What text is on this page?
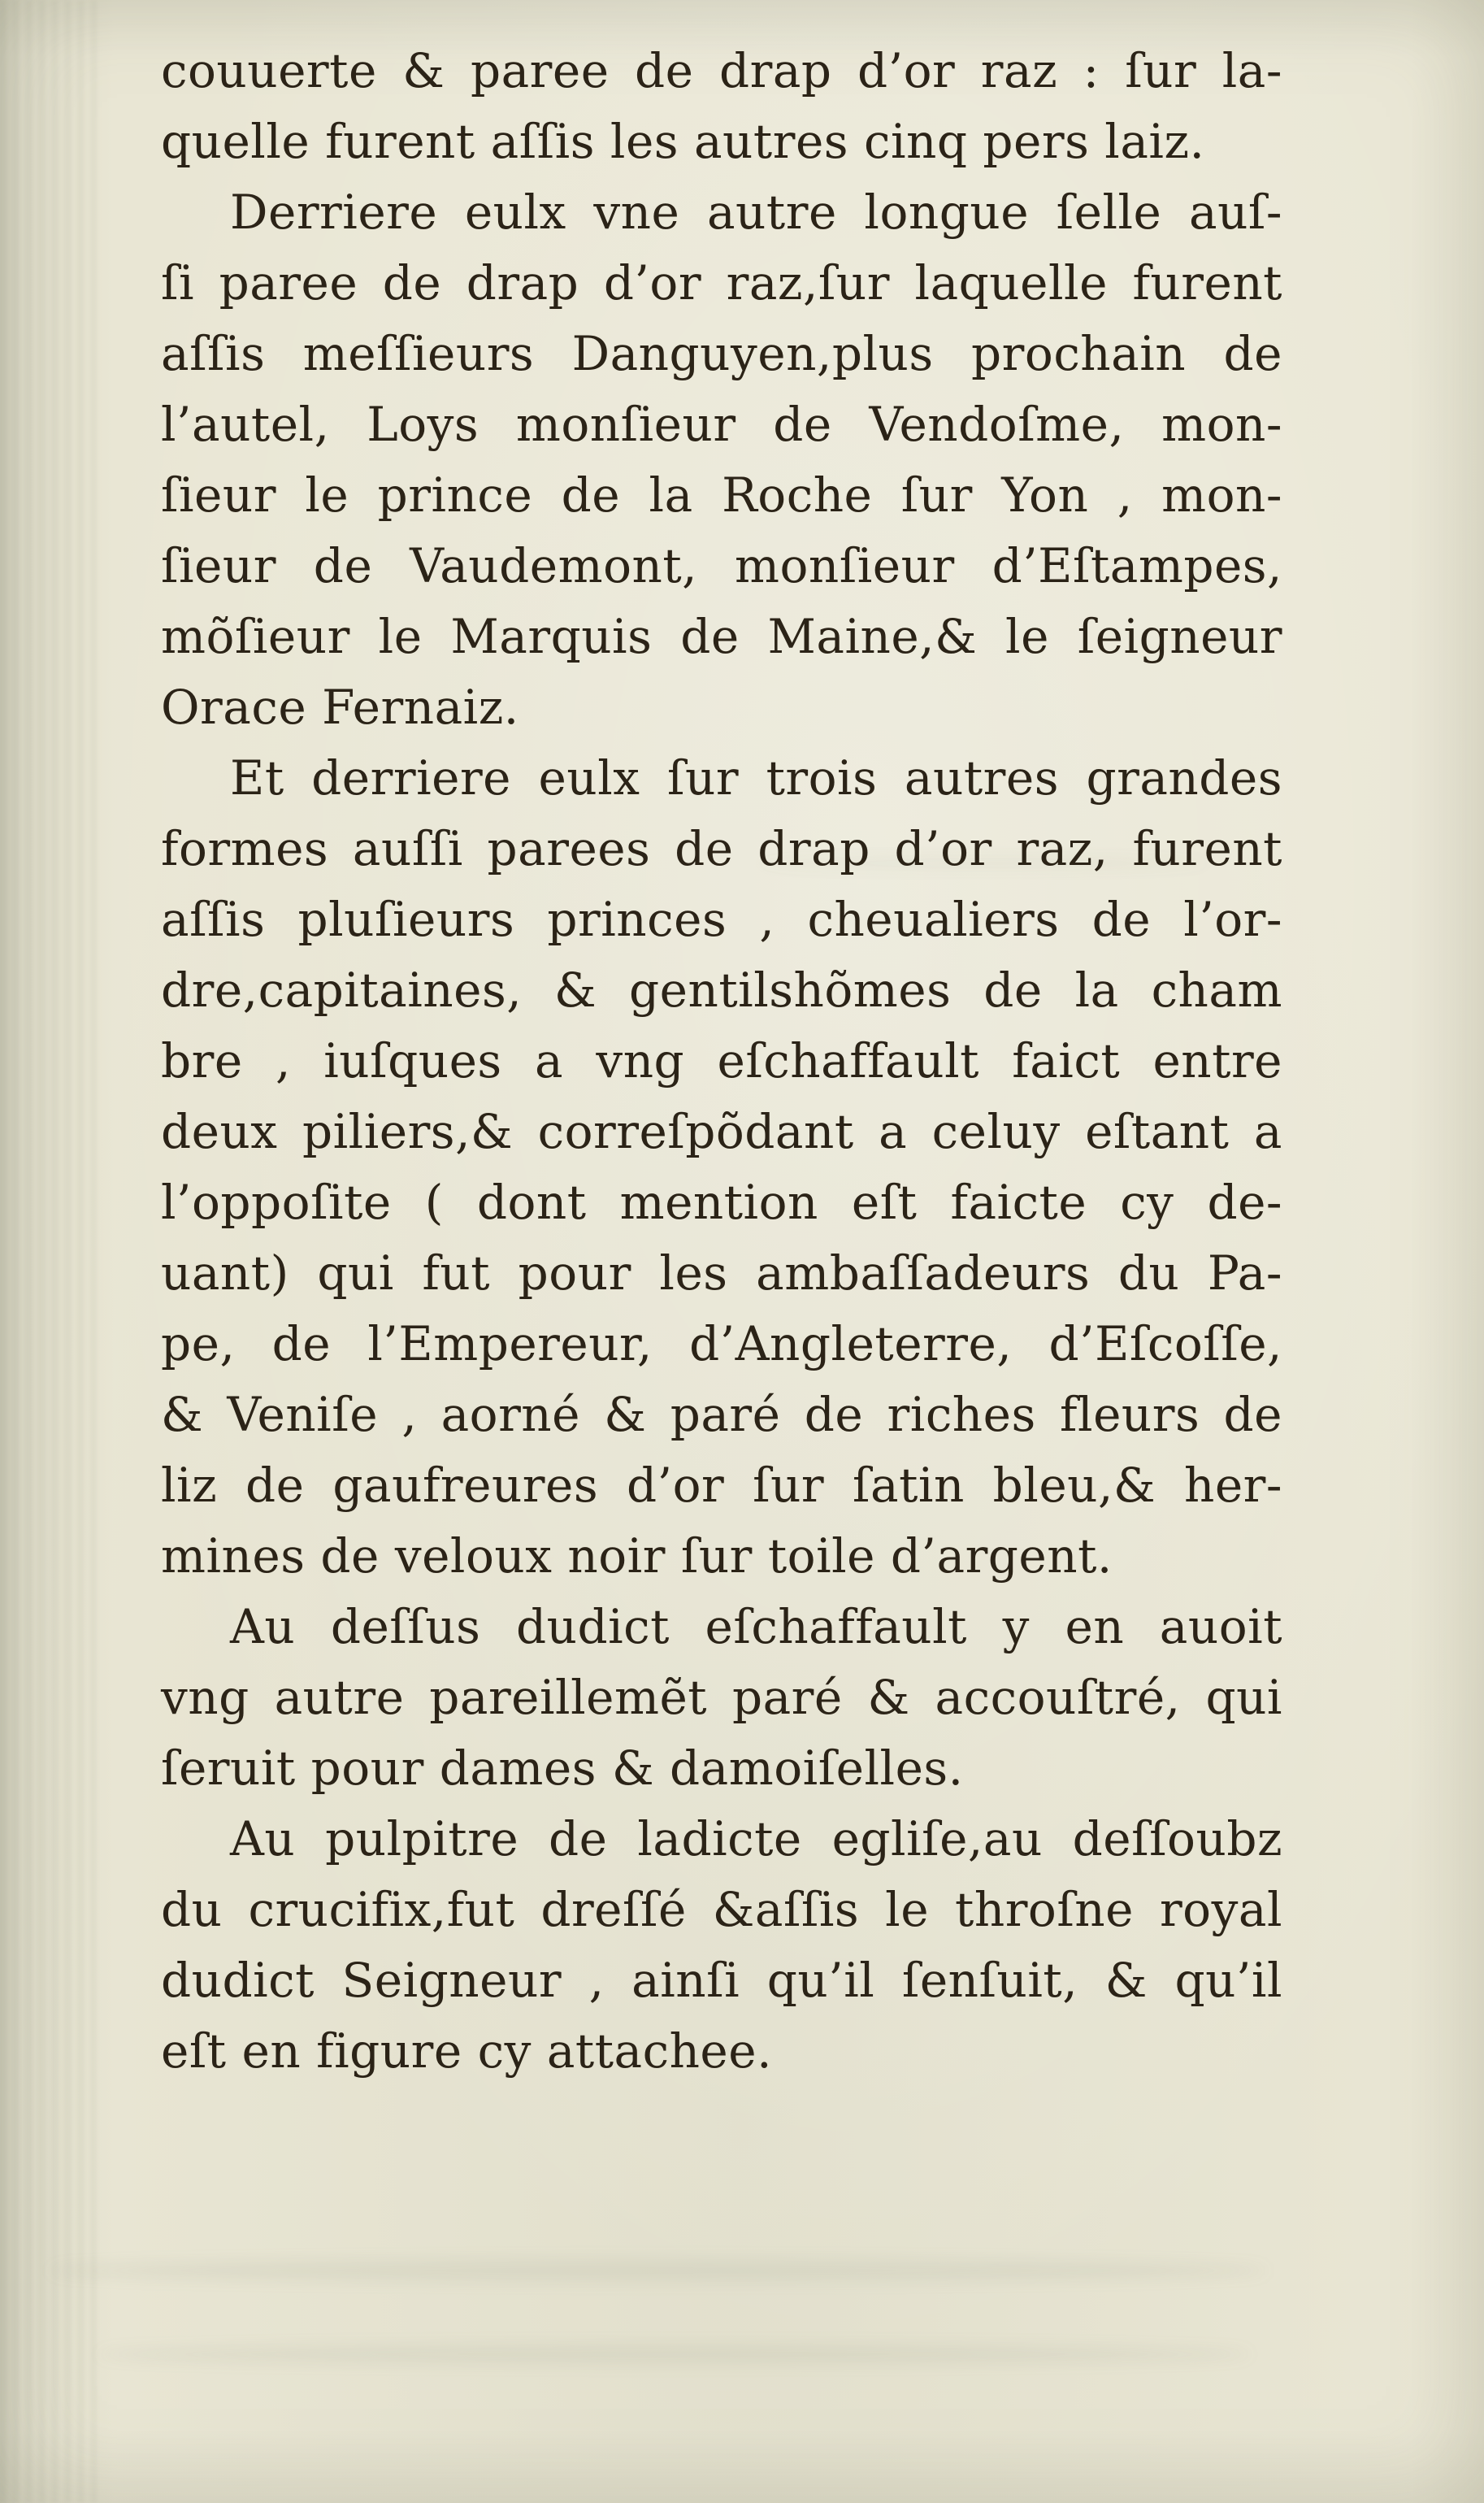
couuerte & paree de drap d’or raz : ſur la-
quelle furent aſſis les autres cinq pers laiz.
Derriere eulx vne autre longue ſelle auſ-
ſi paree de drap d’or raz,ſur laquelle furent
aſſis meſſieurs Danguyen,plus prochain de
l’autel, Loys monſieur de Vendoſme, mon-
ſieur le prince de la Roche ſur Yon , mon-
ſieur de Vaudemont, monſieur d’Eſtampes,
mõſieur le Marquis de Maine,& le ſeigneur
Orace Fernaiz.
Et derriere eulx ſur trois autres grandes
formes auſſi parees de drap d’or raz, furent
aſſis pluſieurs princes , cheualiers de l’or-
dre,capitaines, & gentilshõmes de la cham
bre , iuſques a vng eſchaffault faict entre
deux piliers,& correſpõdant a celuy eſtant a
l’oppoſite ( dont mention eſt faicte cy de-
uant) qui fut pour les ambaſſadeurs du Pa-
pe, de l’Empereur, d’Angleterre, d’Eſcoſſe,
& Veniſe , aorné & paré de riches fleurs de
liz de gaufreures d’or ſur ſatin bleu,& her-
mines de veloux noir ſur toile d’argent.
Au deſſus dudict eſchaffault y en auoit
vng autre pareillemẽt paré & accouſtré, qui
ſeruit pour dames & damoiſelles.
Au pulpitre de ladicte egliſe,au deſſoubz
du crucifix,fut dreſſé &aſſis le throſne royal
dudict Seigneur , ainſi qu’il ſenſuit, & qu’il
eſt en figure cy attachee.
